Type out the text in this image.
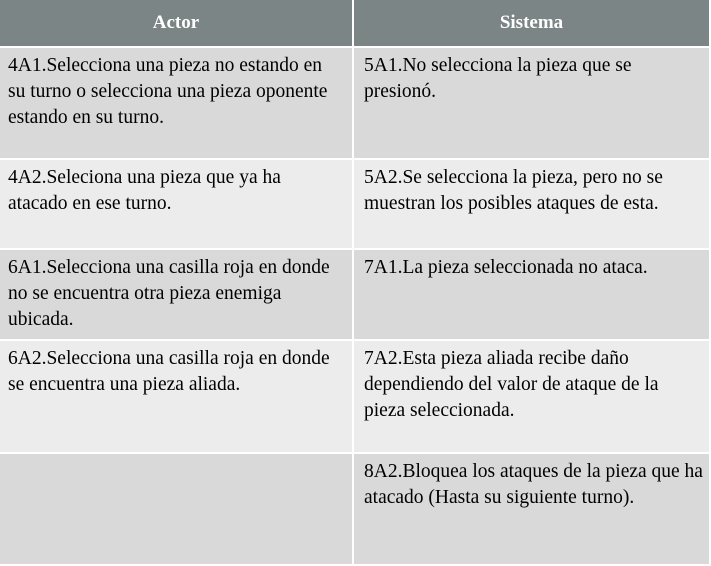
Actor	Sistema
4A1.Selecciona una pieza no estando en su turno o selecciona una pieza oponente estando en su turno.	5A1.No selecciona la pieza que se presionó.
4A2.Seleciona una pieza que ya ha atacado en ese turno.	5A2.Se selecciona la pieza, pero no se muestran los posibles ataques de esta.
6A1.Selecciona una casilla roja en donde no se encuentra otra pieza enemiga ubicada.	7A1.La pieza seleccionada no ataca.
6A2.Selecciona una casilla roja en donde se encuentra una pieza aliada.	7A2.Esta pieza aliada recibe daño dependiendo del valor de ataque de la pieza seleccionada.
	8A2.Bloquea los ataques de la pieza que ha atacado (Hasta su siguiente turno).
